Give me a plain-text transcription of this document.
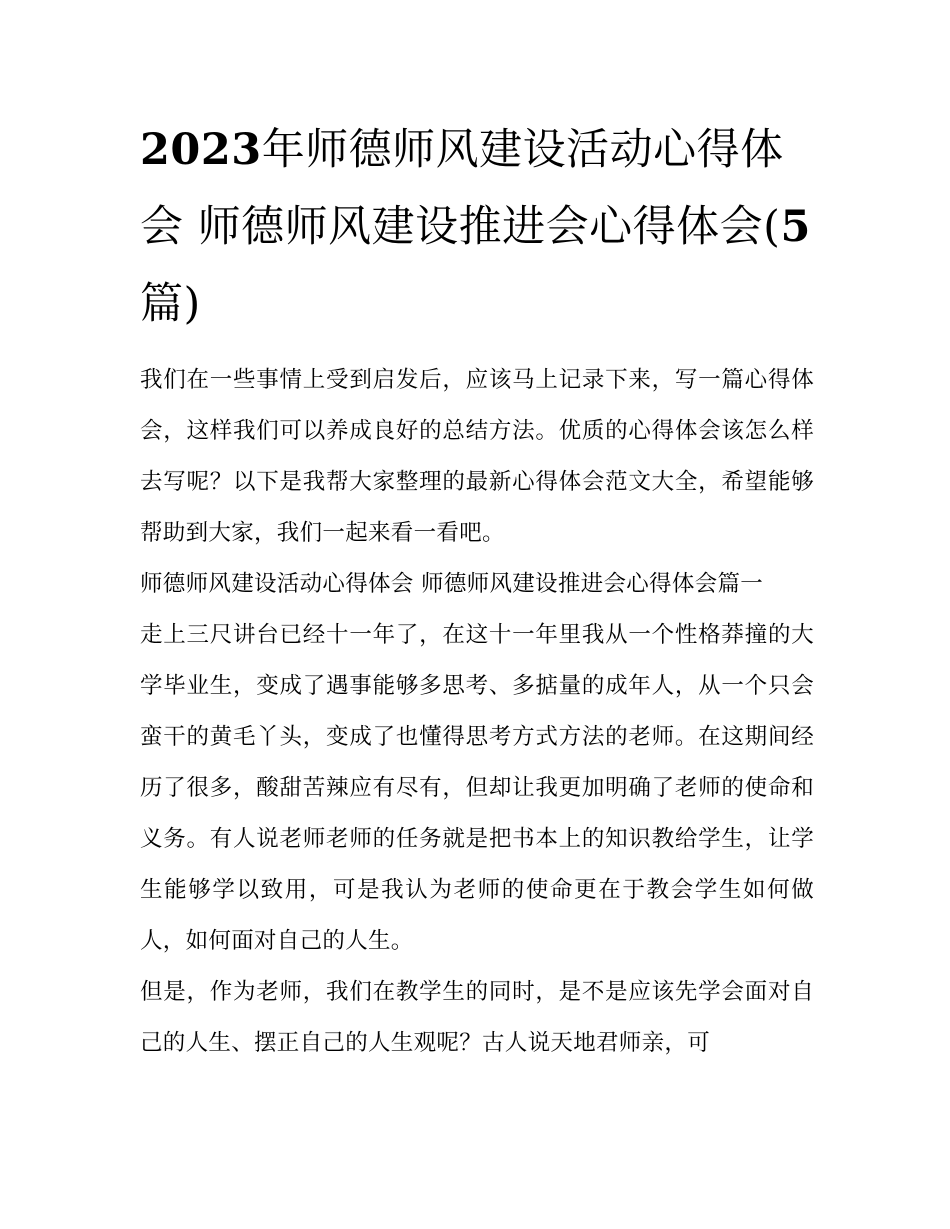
2023年师德师风建设活动心得体会 师德师风建设推进会心得体会(5篇)

我们在一些事情上受到启发后，应该马上记录下来，写一篇心得体会，这样我们可以养成良好的总结方法。优质的心得体会该怎么样去写呢？以下是我帮大家整理的最新心得体会范文大全，希望能够帮助到大家，我们一起来看一看吧。

师德师风建设活动心得体会 师德师风建设推进会心得体会篇一

走上三尺讲台已经十一年了，在这十一年里我从一个性格莽撞的大学毕业生，变成了遇事能够多思考、多掂量的成年人，从一个只会蛮干的黄毛丫头，变成了也懂得思考方式方法的老师。在这期间经历了很多，酸甜苦辣应有尽有，但却让我更加明确了老师的使命和义务。有人说老师老师的任务就是把书本上的知识教给学生，让学生能够学以致用，可是我认为老师的使命更在于教会学生如何做人，如何面对自己的人生。

但是，作为老师，我们在教学生的同时，是不是应该先学会面对自己的人生、摆正自己的人生观呢？古人说天地君师亲，可
